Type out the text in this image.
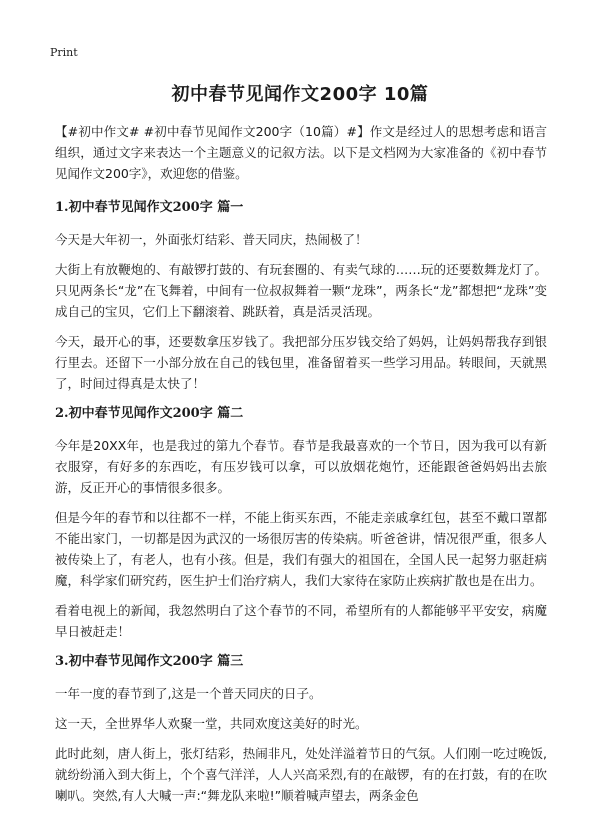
Print
初中春节见闻作文200字 10篇

【#初中作文# #初中春节见闻作文200字（10篇）#】作文是经过人的思想考虑和语言组织，通过文字来表达一个主题意义的记叙方法。以下是文档网为大家准备的《初中春节见闻作文200字》，欢迎您的借鉴。

1.初中春节见闻作文200字 篇一

今天是大年初一，外面张灯结彩、普天同庆，热闹极了！

大街上有放鞭炮的、有敲锣打鼓的、有玩套圈的、有卖气球的……玩的还要数舞龙灯了。只见两条长“龙”在飞舞着，中间有一位叔叔舞着一颗“龙珠”，两条长“龙”都想把“龙珠”变成自己的宝贝，它们上下翻滚着、跳跃着，真是活灵活现。

今天，最开心的事，还要数拿压岁钱了。我把部分压岁钱交给了妈妈，让妈妈帮我存到银行里去。还留下一小部分放在自己的钱包里，准备留着买一些学习用品。转眼间，天就黑了，时间过得真是太快了！

2.初中春节见闻作文200字 篇二

今年是20XX年，也是我过的第九个春节。春节是我最喜欢的一个节日，因为我可以有新衣服穿，有好多的东西吃，有压岁钱可以拿，可以放烟花炮竹，还能跟爸爸妈妈出去旅游，反正开心的事情很多很多。

但是今年的春节和以往都不一样，不能上街买东西，不能走亲戚拿红包，甚至不戴口罩都不能出家门，一切都是因为武汉的一场很厉害的传染病。听爸爸讲，情况很严重，很多人被传染上了，有老人，也有小孩。但是，我们有强大的祖国在，全国人民一起努力驱赶病魔，科学家们研究药，医生护士们治疗病人，我们大家待在家防止疾病扩散也是在出力。

看着电视上的新闻，我忽然明白了这个春节的不同，希望所有的人都能够平平安安，病魔早日被赶走！

3.初中春节见闻作文200字 篇三

一年一度的春节到了,这是一个普天同庆的日子。

这一天，全世界华人欢聚一堂，共同欢度这美好的时光。

此时此刻，唐人街上，张灯结彩，热闹非凡，处处洋溢着节日的气氛。人们刚一吃过晚饭,就纷纷涌入到大街上，个个喜气洋洋，人人兴高采烈,有的在敲锣，有的在打鼓，有的在吹喇叭。突然,有人大喊一声:“舞龙队来啦!”顺着喊声望去，两条金色
